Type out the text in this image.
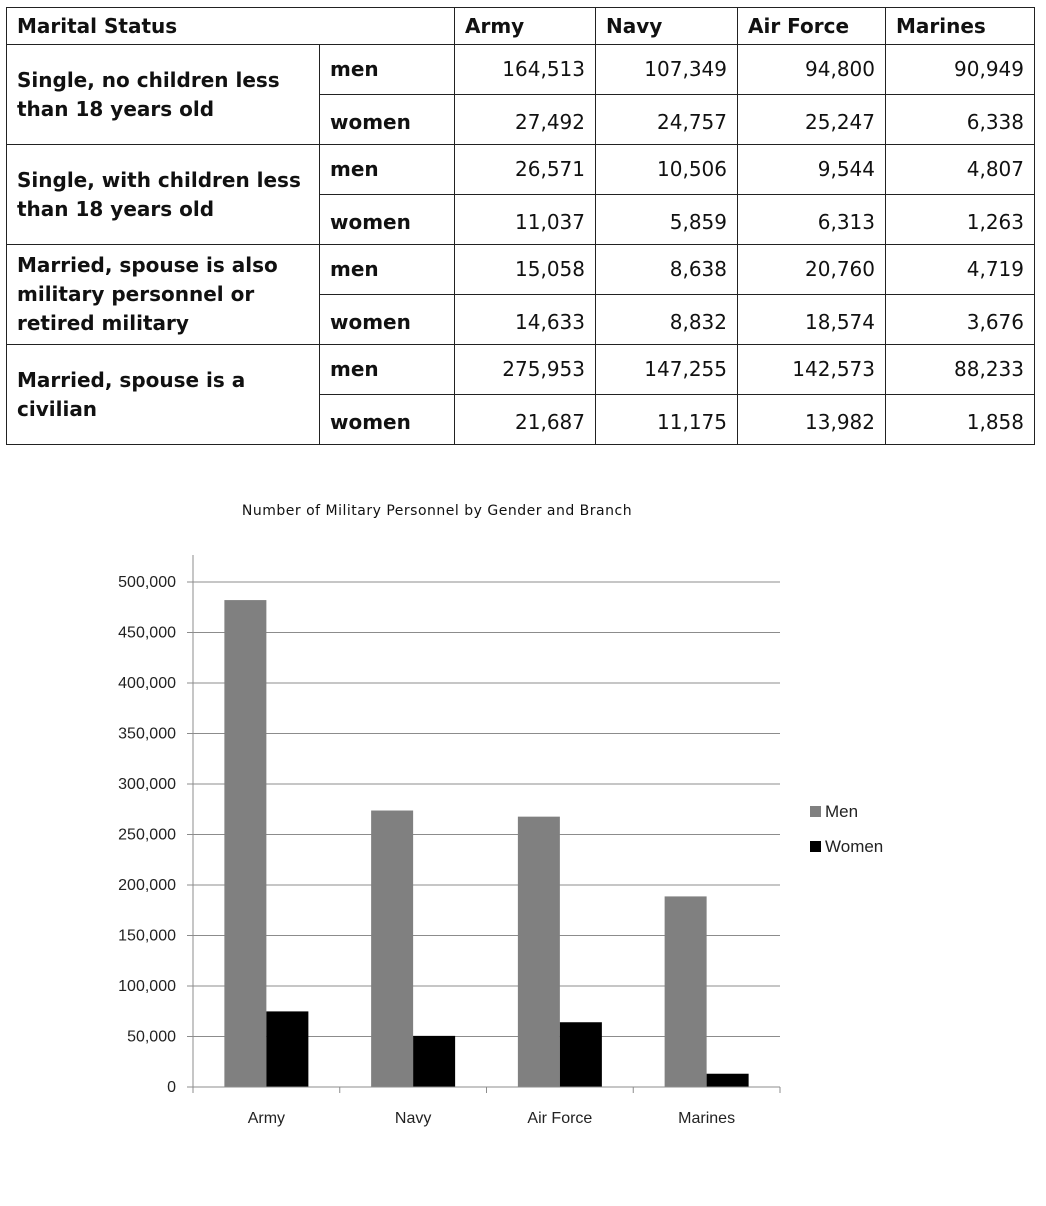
Marital Status		Army	Navy	Air Force	Marines
Single, no children less than 18 years old	men	164,513	107,349	94,800	90,949
	women	27,492	24,757	25,247	6,338
Single, with children less than 18 years old	men	26,571	10,506	9,544	4,807
	women	11,037	5,859	6,313	1,263
Married, spouse is also military personnel or retired military	men	15,058	8,638	20,760	4,719
	women	14,633	8,832	18,574	3,676
Married, spouse is a civilian	men	275,953	147,255	142,573	88,233
	women	21,687	11,175	13,982	1,858
Number of Military Personnel by Gender and Branch
0
50,000
100,000
150,000
200,000
250,000
300,000
350,000
400,000
450,000
500,000
Army	Navy	Air Force	Marines
Men
Women
